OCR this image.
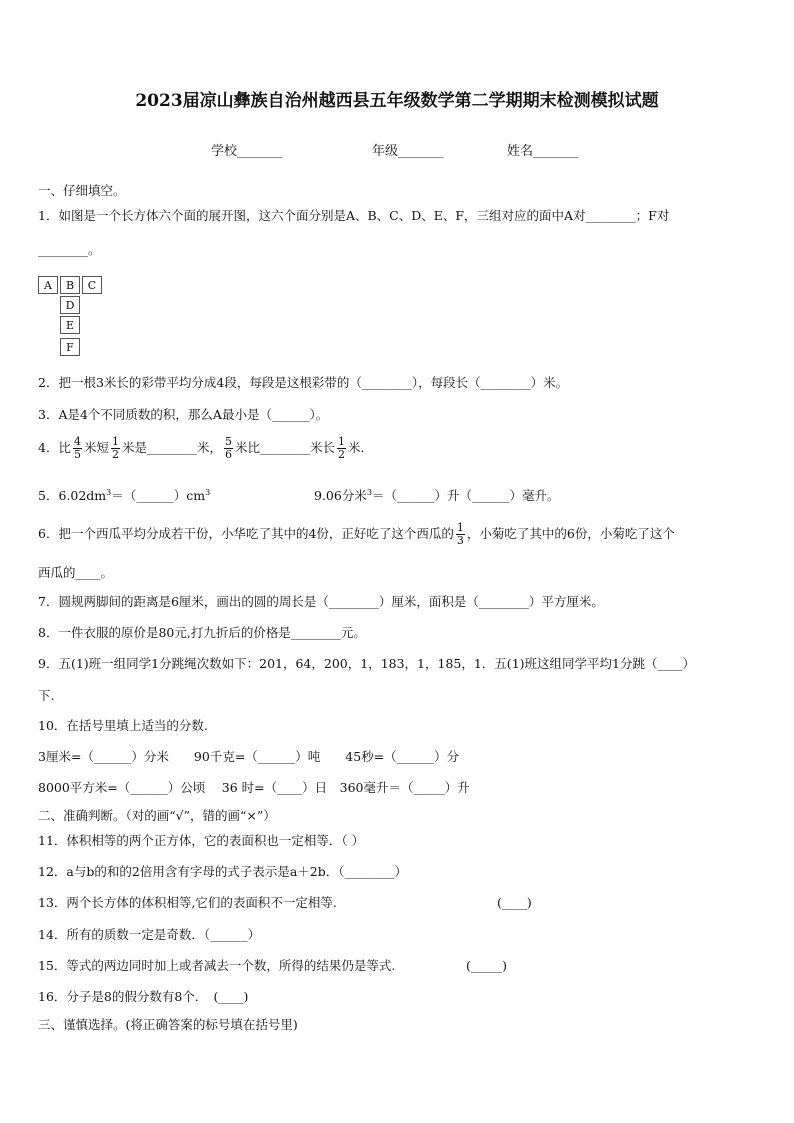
2023届凉山彝族自治州越西县五年级数学第二学期期末检测模拟试题
学校_______	年级_______	姓名_______
一、仔细填空。
1．如图是一个长方体六个面的展开图，这六个面分别是A、B、C、D、E、F，三组对应的面中A对________；F对
________。
A	B	C
D
E
F
2．把一根3米长的彩带平均分成4段，每段是这根彩带的（________），每段长（________）米。
3．A是4个不同质数的积，那么A最小是（______）。
4．比 $\frac{4}{5}$ 米短 $\frac{1}{2}$ 米是________米， $\frac{5}{6}$ 米比________米长 $\frac{1}{2}$ 米．
5．$6.02dm^3=(\_\_\_\_\_\_)cm^3$	9.06分米$^3$＝（______）升（______）毫升。
6．把一个西瓜平均分成若干份，小华吃了其中的4份，正好吃了这个西瓜的 $\frac{1}{3}$ ，小菊吃了其中的6份，小菊吃了这个
西瓜的____。
7．圆规两脚间的距离是6厘米，画出的圆的周长是（________）厘米，面积是（________）平方厘米。
8．一件衣服的原价是80元,打九折后的价格是________元。
9．五(1)班一组同学1分跳绳次数如下：201，64，200，1，183，1，185，1．五(1)班这组同学平均1分跳（____）
下.
10．在括号里填上适当的分数.
3厘米=（______）分米　　90千克=（______）吨　　45秒=（______）分
8000平方米=（______）公顷　 36 时=（____）日　360毫升＝（_____）升
二、准确判断。（对的画“√”，错的画“×”）
11．体积相等的两个正方体，它的表面积也一定相等．（ ）
12．a与b的和的2倍用含有字母的式子表示是a＋2b．（________）
13．两个长方体的体积相等,它们的表面积不一定相等.	(____)
14．所有的质数一定是奇数．（______）
15．等式的两边同时加上或者减去一个数，所得的结果仍是等式.	(_____)
16．分子是8的假分数有8个．　(____)
三、谨慎选择。(将正确答案的标号填在括号里)
